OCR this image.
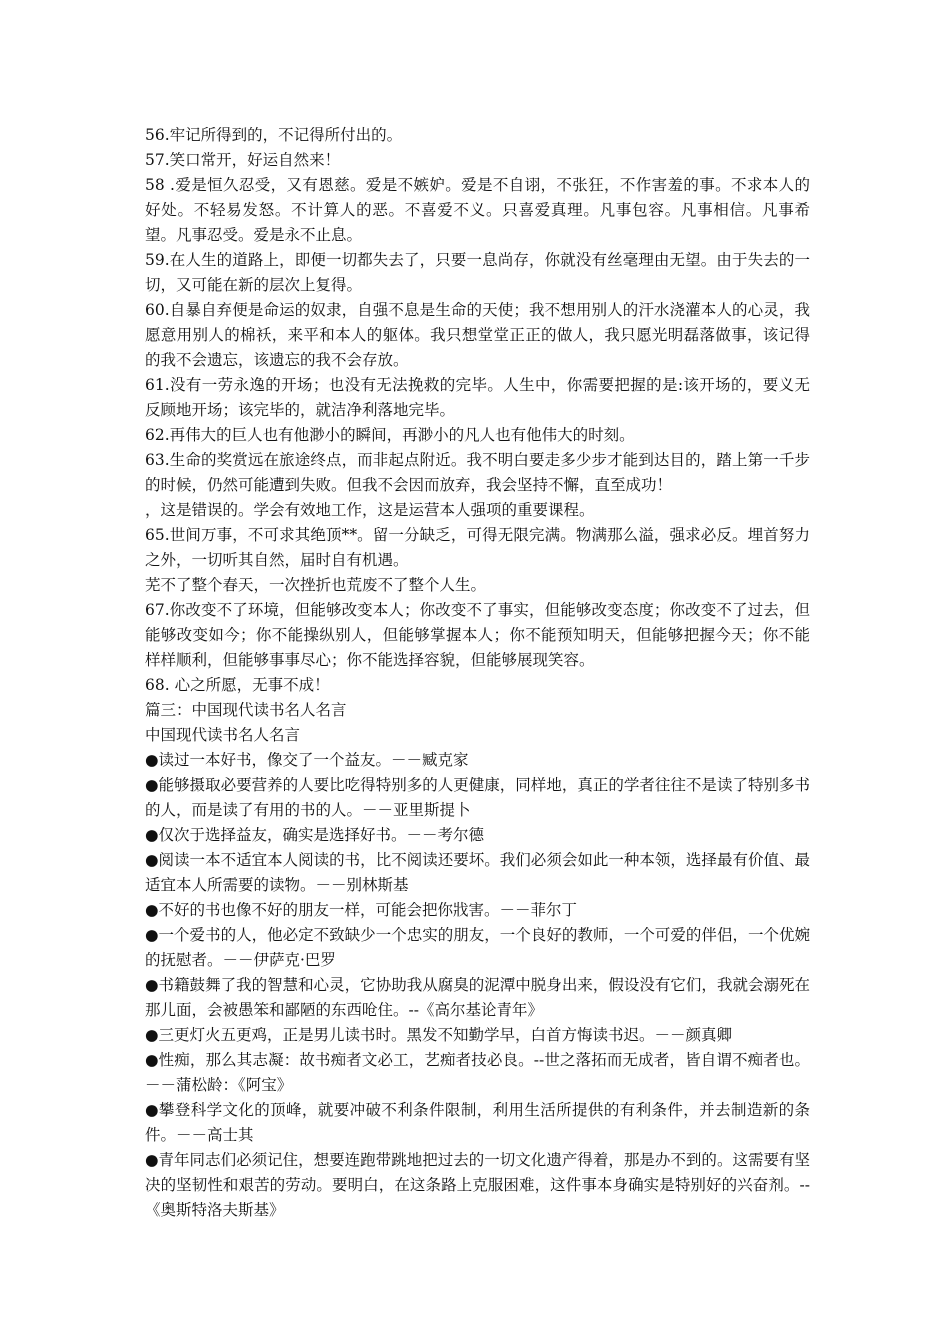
56.牢记所得到的，不记得所付出的。

57.笑口常开，好运自然来！

58 .爱是恒久忍受，又有恩慈。爱是不嫉妒。爱是不自诩，不张狂，不作害羞的事。不求本人的好处。不轻易发怒。不计算人的恶。不喜爱不义。只喜爱真理。凡事包容。凡事相信。凡事希望。凡事忍受。爱是永不止息。

59.在人生的道路上，即便一切都失去了，只要一息尚存，你就没有丝毫理由无望。由于失去的一切，又可能在新的层次上复得。

60.自暴自弃便是命运的奴隶，自强不息是生命的天使；我不想用别人的汗水浇灌本人的心灵，我愿意用别人的棉袄，来平和本人的躯体。我只想堂堂正正的做人，我只愿光明磊落做事，该记得的我不会遗忘，该遗忘的我不会存放。

61.没有一劳永逸的开场；也没有无法挽救的完毕。人生中，你需要把握的是:该开场的，要义无反顾地开场；该完毕的，就洁净利落地完毕。

62.再伟大的巨人也有他渺小的瞬间，再渺小的凡人也有他伟大的时刻。

63.生命的奖赏远在旅途终点，而非起点附近。我不明白要走多少步才能到达目的，踏上第一千步的时候，仍然可能遭到失败。但我不会因而放弃，我会坚持不懈，直至成功！

，这是错误的。学会有效地工作，这是运营本人强项的重要课程。

65.世间万事，不可求其绝顶**。留一分缺乏，可得无限完满。物满那么溢，强求必反。埋首努力之外，一切听其自然，届时自有机遇。

芜不了整个春天，一次挫折也荒废不了整个人生。

67.你改变不了环境，但能够改变本人；你改变不了事实，但能够改变态度；你改变不了过去，但能够改变如今；你不能操纵别人，但能够掌握本人；你不能预知明天，但能够把握今天；你不能样样顺利，但能够事事尽心；你不能选择容貌，但能够展现笑容。

68. 心之所愿，无事不成！

篇三：中国现代读书名人名言

中国现代读书名人名言

●读过一本好书，像交了一个益友。－－臧克家

●能够摄取必要营养的人要比吃得特别多的人更健康，同样地，真正的学者往往不是读了特别多书的人，而是读了有用的书的人。－－亚里斯提卜

●仅次于选择益友，确实是选择好书。－－考尔德

●阅读一本不适宜本人阅读的书，比不阅读还要坏。我们必须会如此一种本领，选择最有价值、最适宜本人所需要的读物。－－别林斯基

●不好的书也像不好的朋友一样，可能会把你戕害。－－菲尔丁

●一个爱书的人，他必定不致缺少一个忠实的朋友，一个良好的教师，一个可爱的伴侣，一个优婉的抚慰者。－－伊萨克·巴罗

●书籍鼓舞了我的智慧和心灵，它协助我从腐臭的泥潭中脱身出来，假设没有它们，我就会溺死在那儿面，会被愚笨和鄙陋的东西呛住。--《高尔基论青年》

●三更灯火五更鸡，正是男儿读书时。黑发不知勤学早，白首方悔读书迟。－－颜真卿

●性痴，那么其志凝：故书痴者文必工，艺痴者技必良。--世之落拓而无成者，皆自谓不痴者也。－－蒲松龄：《阿宝》

●攀登科学文化的顶峰，就要冲破不利条件限制，利用生活所提供的有利条件，并去制造新的条件。－－高士其

●青年同志们必须记住，想要连跑带跳地把过去的一切文化遗产得着，那是办不到的。这需要有坚决的坚韧性和艰苦的劳动。要明白，在这条路上克服困难，这件事本身确实是特别好的兴奋剂。--《奥斯特洛夫斯基》
